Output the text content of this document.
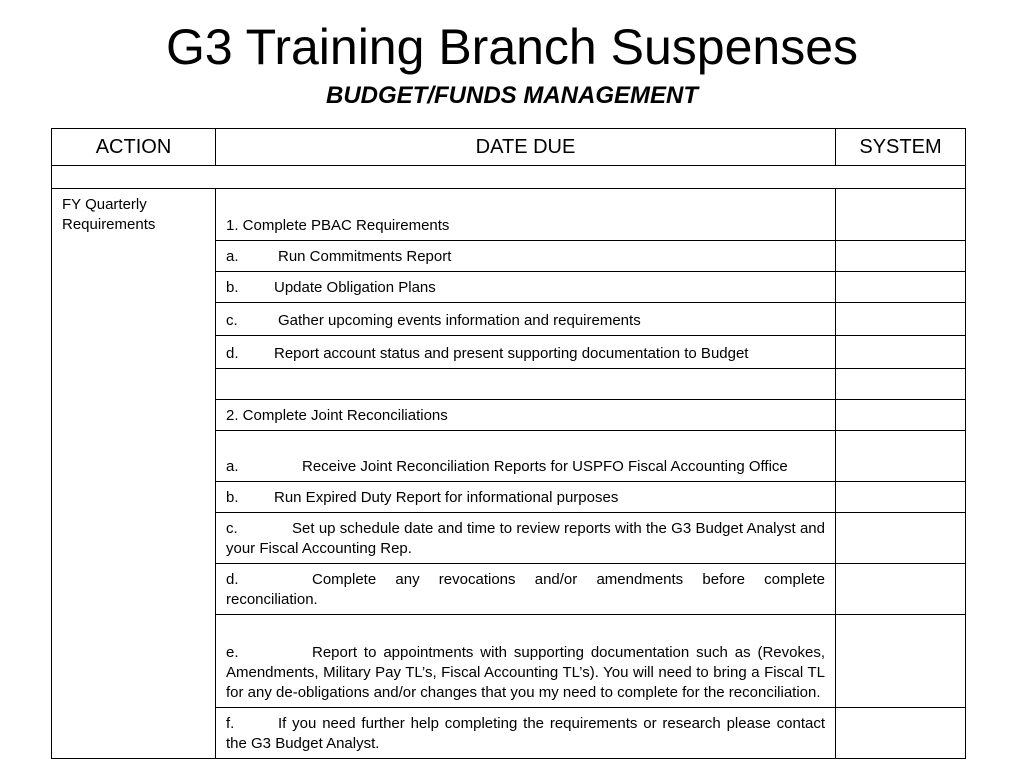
G3 Training Branch Suspenses
BUDGET/FUNDS MANAGEMENT
ACTION	DATE DUE	SYSTEM

FY Quarterly Requirements	1. Complete PBAC Requirements	
	a. Run Commitments Report	
	b. Update Obligation Plans	
	c. Gather upcoming events information and requirements	
	d. Report account status and present supporting documentation to Budget	

	2. Complete Joint Reconciliations	
	a. Receive Joint Reconciliation Reports for USPFO Fiscal Accounting Office	
	b. Run Expired Duty Report for informational purposes	
	c. Set up schedule date and time to review reports with the G3 Budget Analyst and your Fiscal Accounting Rep.	
	d. Complete any revocations and/or amendments before complete reconciliation.	
	e. Report to appointments with supporting documentation such as (Revokes, Amendments, Military Pay TL’s, Fiscal Accounting TL’s). You will need to bring a Fiscal TL for any de-obligations and/or changes that you my need to complete for the reconciliation.	
	f. If you need further help completing the requirements or research please contact the G3 Budget Analyst.	
